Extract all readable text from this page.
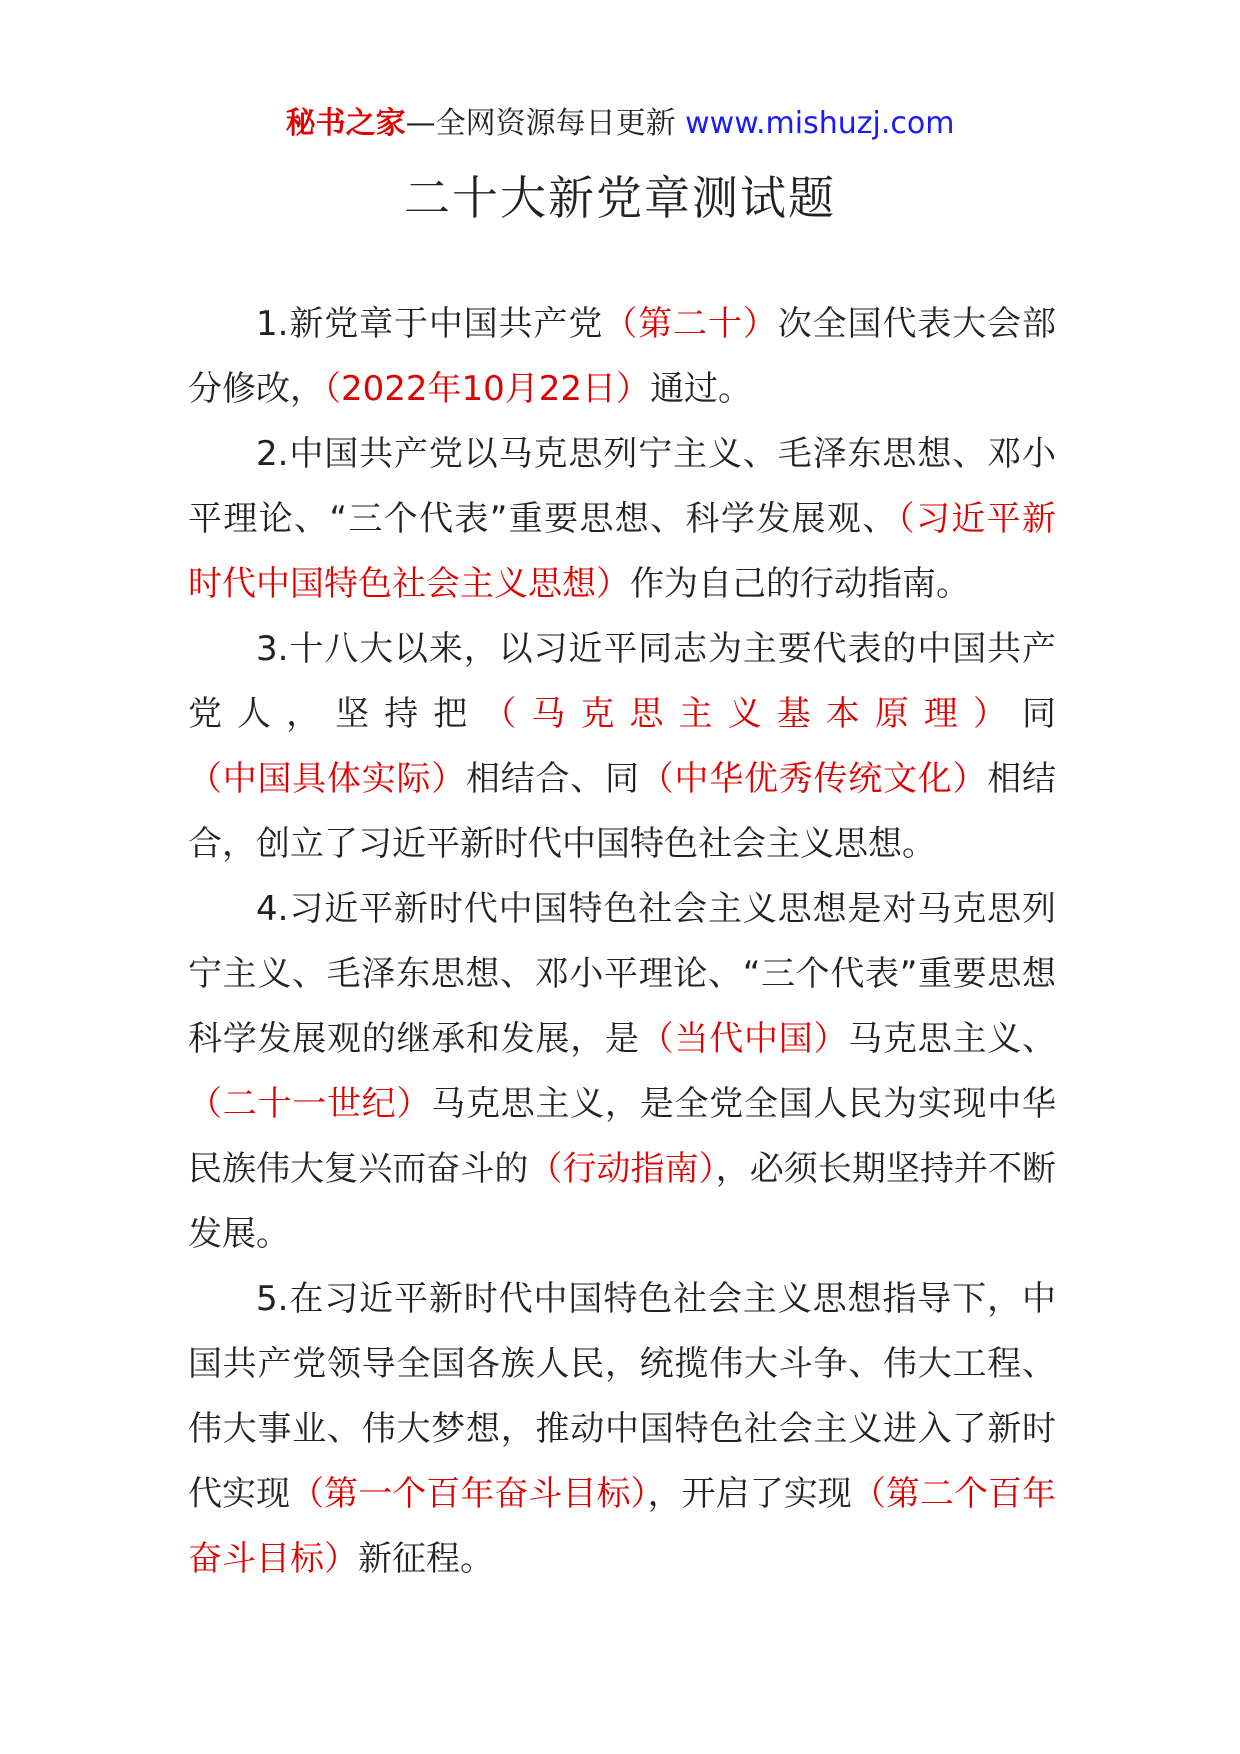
秘书之家—全网资源每日更新 www.mishuzj.com
二十大新党章测试题

1.新党章于中国共产党（第二十）次全国代表大会部分修改，（2022年10月22日）通过。

2.中国共产党以马克思列宁主义、毛泽东思想、邓小平理论、“三个代表”重要思想、科学发展观、（习近平新时代中国特色社会主义思想）作为自己的行动指南。

3.十八大以来，以习近平同志为主要代表的中国共产党人，坚持把（马克思主义基本原理）同（中国具体实际）相结合、同（中华优秀传统文化）相结合，创立了习近平新时代中国特色社会主义思想。

4.习近平新时代中国特色社会主义思想是对马克思列宁主义、毛泽东思想、邓小平理论、“三个代表”重要思想科学发展观的继承和发展，是（当代中国）马克思主义、（二十一世纪）马克思主义，是全党全国人民为实现中华民族伟大复兴而奋斗的（行动指南），必须长期坚持并不断发展。

5.在习近平新时代中国特色社会主义思想指导下，中国共产党领导全国各族人民，统揽伟大斗争、伟大工程、伟大事业、伟大梦想，推动中国特色社会主义进入了新时代实现（第一个百年奋斗目标），开启了实现（第二个百年奋斗目标）新征程。
